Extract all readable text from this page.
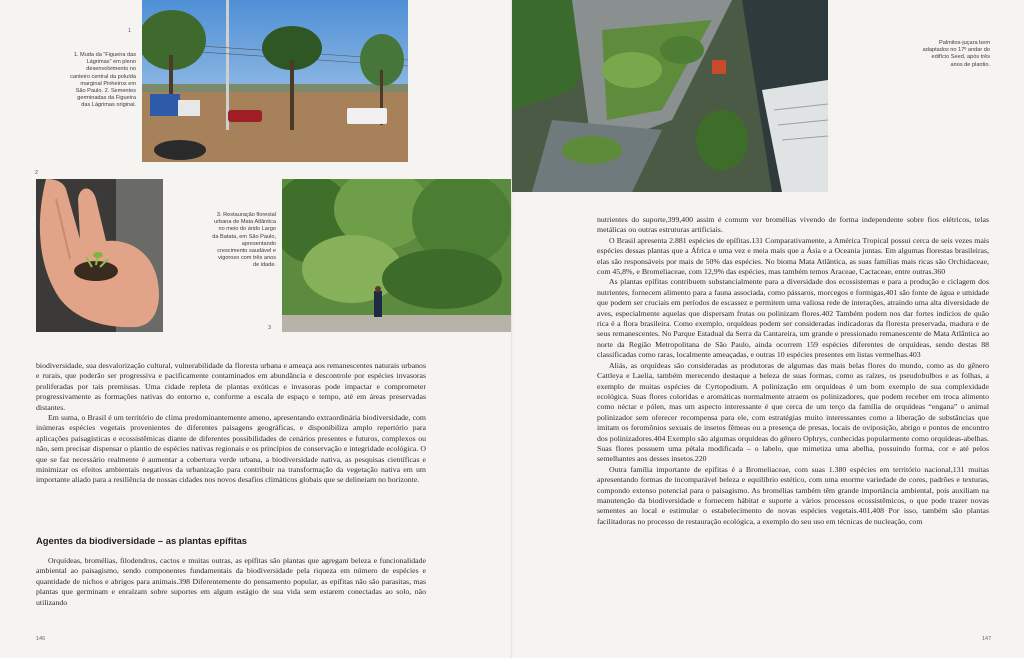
1
1. Muda da “Figueira das Lágrimas” em pleno desenvolvimento no canteiro central da poluída marginal Pinheiros em São Paulo. 2. Sementes germinadas da Figueira das Lágrimas original.
2
3. Restauração florestal urbana de Mata Atlântica no meio do árido Largo da Batata, em São Paulo, apresentando crescimento saudável e vigoroso com três anos de idade.
3

biodiversidade, sua desvalorização cultural, vulnerabilidade da floresta urbana e ameaça aos remanescentes naturais urbanos e rurais, que poderão ser progressiva e pacificamente contaminados em abundância e descontrole por espécies invasoras proliferadas por tais premissas. Uma cidade repleta de plantas exóticas e invasoras pode impactar e comprometer progressivamente as formações nativas do entorno e, conforme a escala de espaço e tempo, até em áreas preservadas distantes.

Em suma, o Brasil é um território de clima predominantemente ameno, apresentando extraordinária biodiversidade, com inúmeras espécies vegetais provenientes de diferentes paisagens geográficas, e disponibiliza amplo repertório para aplicações paisagísticas e ecossistêmicas diante de diferentes possibilidades de cenários presentes e futuros, complexos ou não, sem precisar dispensar o plantio de espécies nativas regionais e os princípios de conservação e integridade ecológica. O que se faz necessário realmente é aumentar a cobertura verde urbana, a biodiversidade nativa, as pesquisas científicas e minimizar os efeitos ambientais negativos da urbanização para contribuir na transformação da vegetação nativa em um importante aliado para a resiliência de nossas cidades nos novos desafios climáticos globais que se delineiam no horizonte.

Agentes da biodiversidade – as plantas epífitas

Orquídeas, bromélias, filodendros, cactos e muitas outras, as epífitas são plantas que agregam beleza e funcionalidade ambiental ao paisagismo, sendo componentes fundamentais da biodiversidade pela riqueza em número de espécies e quantidade de nichos e abrigos para animais.398 Diferentemente do pensamento popular, as epífitas não são parasitas, mas plantas que germinam e enraízam sobre suportes em algum estágio de sua vida sem estarem conectadas ao solo, não utilizando

146
Palmitos-juçara bem adaptados no 17º andar do edifício Seed, após três anos de plantio.

nutrientes do suporte,399,400 assim é comum ver bromélias vivendo de forma independente sobre fios elétricos, telas metálicas ou outras estruturas artificiais.

O Brasil apresenta 2.881 espécies de epífitas.131 Comparativamente, a América Tropical possui cerca de seis vezes mais espécies dessas plantas que a África e uma vez e meia mais que a Ásia e a Oceania juntas. Em algumas florestas brasileiras, elas são responsáveis por mais de 50% das espécies. No bioma Mata Atlântica, as suas famílias mais ricas são Orchidaceae, com 45,8%, e Bromeliaceae, com 12,9% das espécies, mas também temos Araceae, Cactaceae, entre outras.360

As plantas epífitas contribuem substancialmente para a diversidade dos ecossistemas e para a produção e ciclagem dos nutrientes, fornecem alimento para a fauna associada, como pássaros, morcegos e formigas,401 são fonte de água e umidade que podem ser cruciais em períodos de escassez e permitem uma valiosa rede de interações, atraindo uma alta diversidade de aves, especialmente aquelas que dispersam frutas ou polinizam flores.402 Também podem nos dar fortes indícios de quão rica é a flora brasileira. Como exemplo, orquídeas podem ser consideradas indicadoras da floresta preservada, madura e de seus remanescentes. No Parque Estadual da Serra da Cantareira, um grande e pressionado remanescente de Mata Atlântica ao norte da Região Metropolitana de São Paulo, ainda ocorrem 159 espécies diferentes de orquídeas, sendo destas 88 classificadas como raras, localmente ameaçadas, e outras 10 espécies presentes em listas vermelhas.403

Aliás, as orquídeas são consideradas as produtoras de algumas das mais belas flores do mundo, como as do gênero Cattleya e Laelia, também merecendo destaque a beleza de suas formas, como as raízes, os pseudobulbos e as folhas, a exemplo de muitas espécies de Cyrtopodium. A polinização em orquídeas é um bom exemplo de sua complexidade ecológica. Suas flores coloridas e aromáticas normalmente atraem os polinizadores, que podem receber em troca alimento como néctar e pólen, mas um aspecto interessante é que cerca de um terço da família de orquídeas “engana” o animal polinizador sem oferecer recompensa para ele, com estratégias muito interessantes como a liberação de substâncias que imitam os feromônios sexuais de insetos fêmeas ou a presença de presas, locais de oviposição, abrigo e pontos de encontro dos polinizadores.404 Exemplo são algumas orquídeas do gênero Ophrys, conhecidas popularmente como orquídeas-abelhas. Suas flores possuem uma pétala modificada – o labelo, que mimetiza uma abelha, possuindo forma, cor e até pelos semelhantes aos desses insetos.220

Outra família importante de epífitas é a Bromeliaceae, com suas 1.380 espécies em território nacional,131 muitas apresentando formas de incomparável beleza e equilíbrio estético, com uma enorme variedade de cores, padrões e texturas, compondo extenso potencial para o paisagismo. As bromélias também têm grande importância ambiental, pois auxiliam na manutenção da biodiversidade e fornecem hábitat e suporte a vários processos ecossistêmicos, o que pode trazer novas sementes ao local e estimular o estabelecimento de novas espécies vegetais.401,408 Por isso, também são plantas facilitadoras no processo de restauração ecológica, a exemplo do seu uso em técnicas de nucleação, com

147
